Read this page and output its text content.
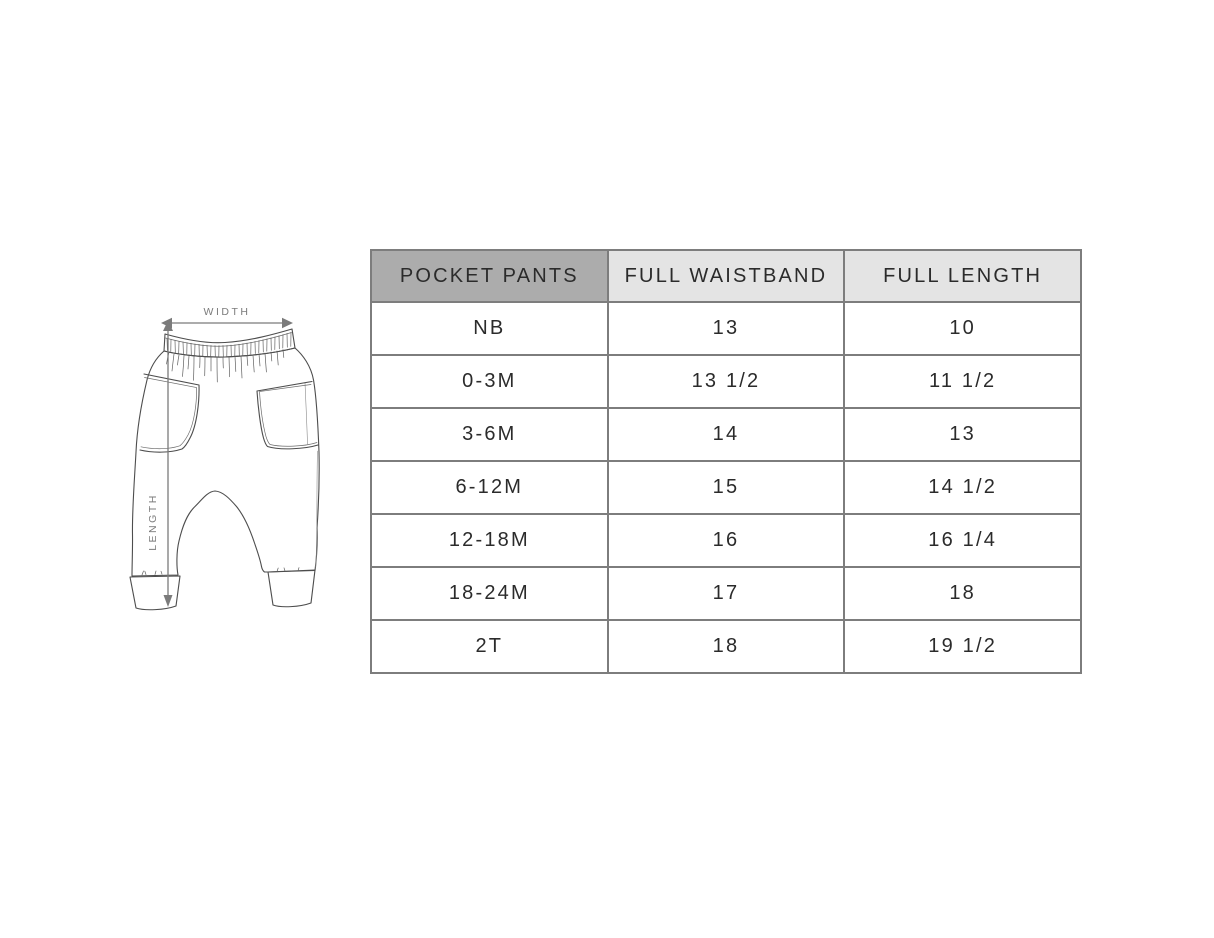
WIDTH
LENGTH
POCKET PANTS	FULL WAISTBAND	FULL LENGTH
NB	13	10
0-3M	13 1/2	11 1/2
3-6M	14	13
6-12M	15	14 1/2
12-18M	16	16 1/4
18-24M	17	18
2T	18	19 1/2
